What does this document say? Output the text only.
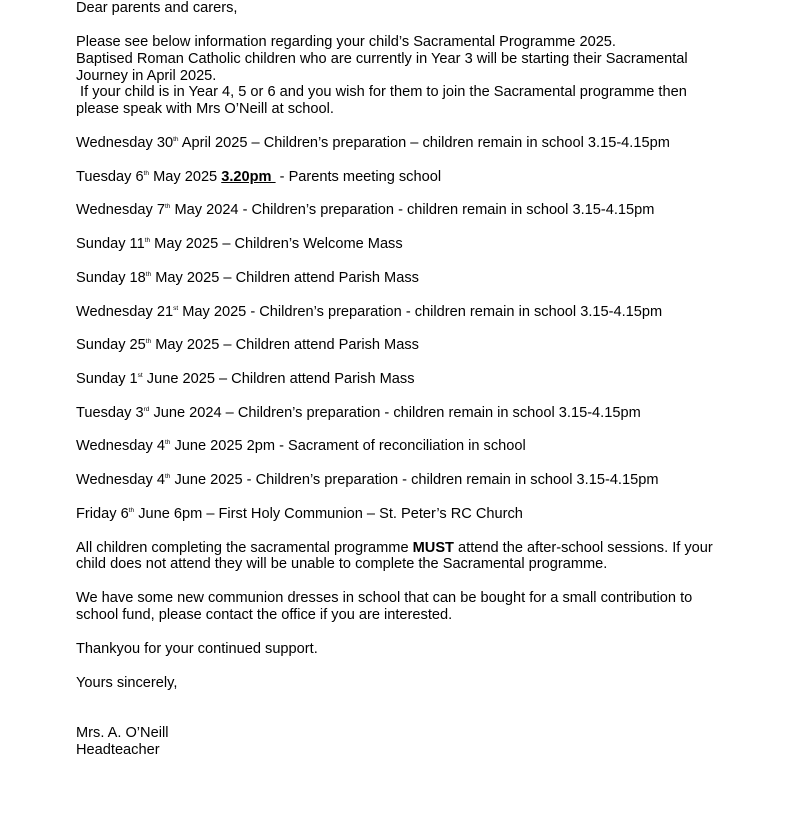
Dear parents and carers,

Please see below information regarding your child’s Sacramental Programme 2025.

Baptised Roman Catholic children who are currently in Year 3 will be starting their Sacramental

Journey in April 2025.

If your child is in Year 4, 5 or 6 and you wish for them to join the Sacramental programme then

please speak with Mrs O’Neill at school.

Wednesday 30th April 2025 – Children’s preparation – children remain in school 3.15-4.15pm

Tuesday 6th May 2025 3.20pm  - Parents meeting school

Wednesday 7th May 2024 - Children’s preparation - children remain in school 3.15-4.15pm

Sunday 11th May 2025 – Children’s Welcome Mass

Sunday 18th May 2025 – Children attend Parish Mass

Wednesday 21st May 2025 - Children’s preparation - children remain in school 3.15-4.15pm

Sunday 25th May 2025 – Children attend Parish Mass

Sunday 1st June 2025 – Children attend Parish Mass

Tuesday 3rd June 2024 – Children’s preparation - children remain in school 3.15-4.15pm

Wednesday 4th June 2025 2pm - Sacrament of reconciliation in school

Wednesday 4th June 2025 - Children’s preparation - children remain in school 3.15-4.15pm

Friday 6th June 6pm – First Holy Communion – St. Peter’s RC Church

All children completing the sacramental programme MUST attend the after-school sessions. If your

child does not attend they will be unable to complete the Sacramental programme.

We have some new communion dresses in school that can be bought for a small contribution to

school fund, please contact the office if you are interested.

Thankyou for your continued support.

Yours sincerely,

Mrs. A. O’Neill

Headteacher
